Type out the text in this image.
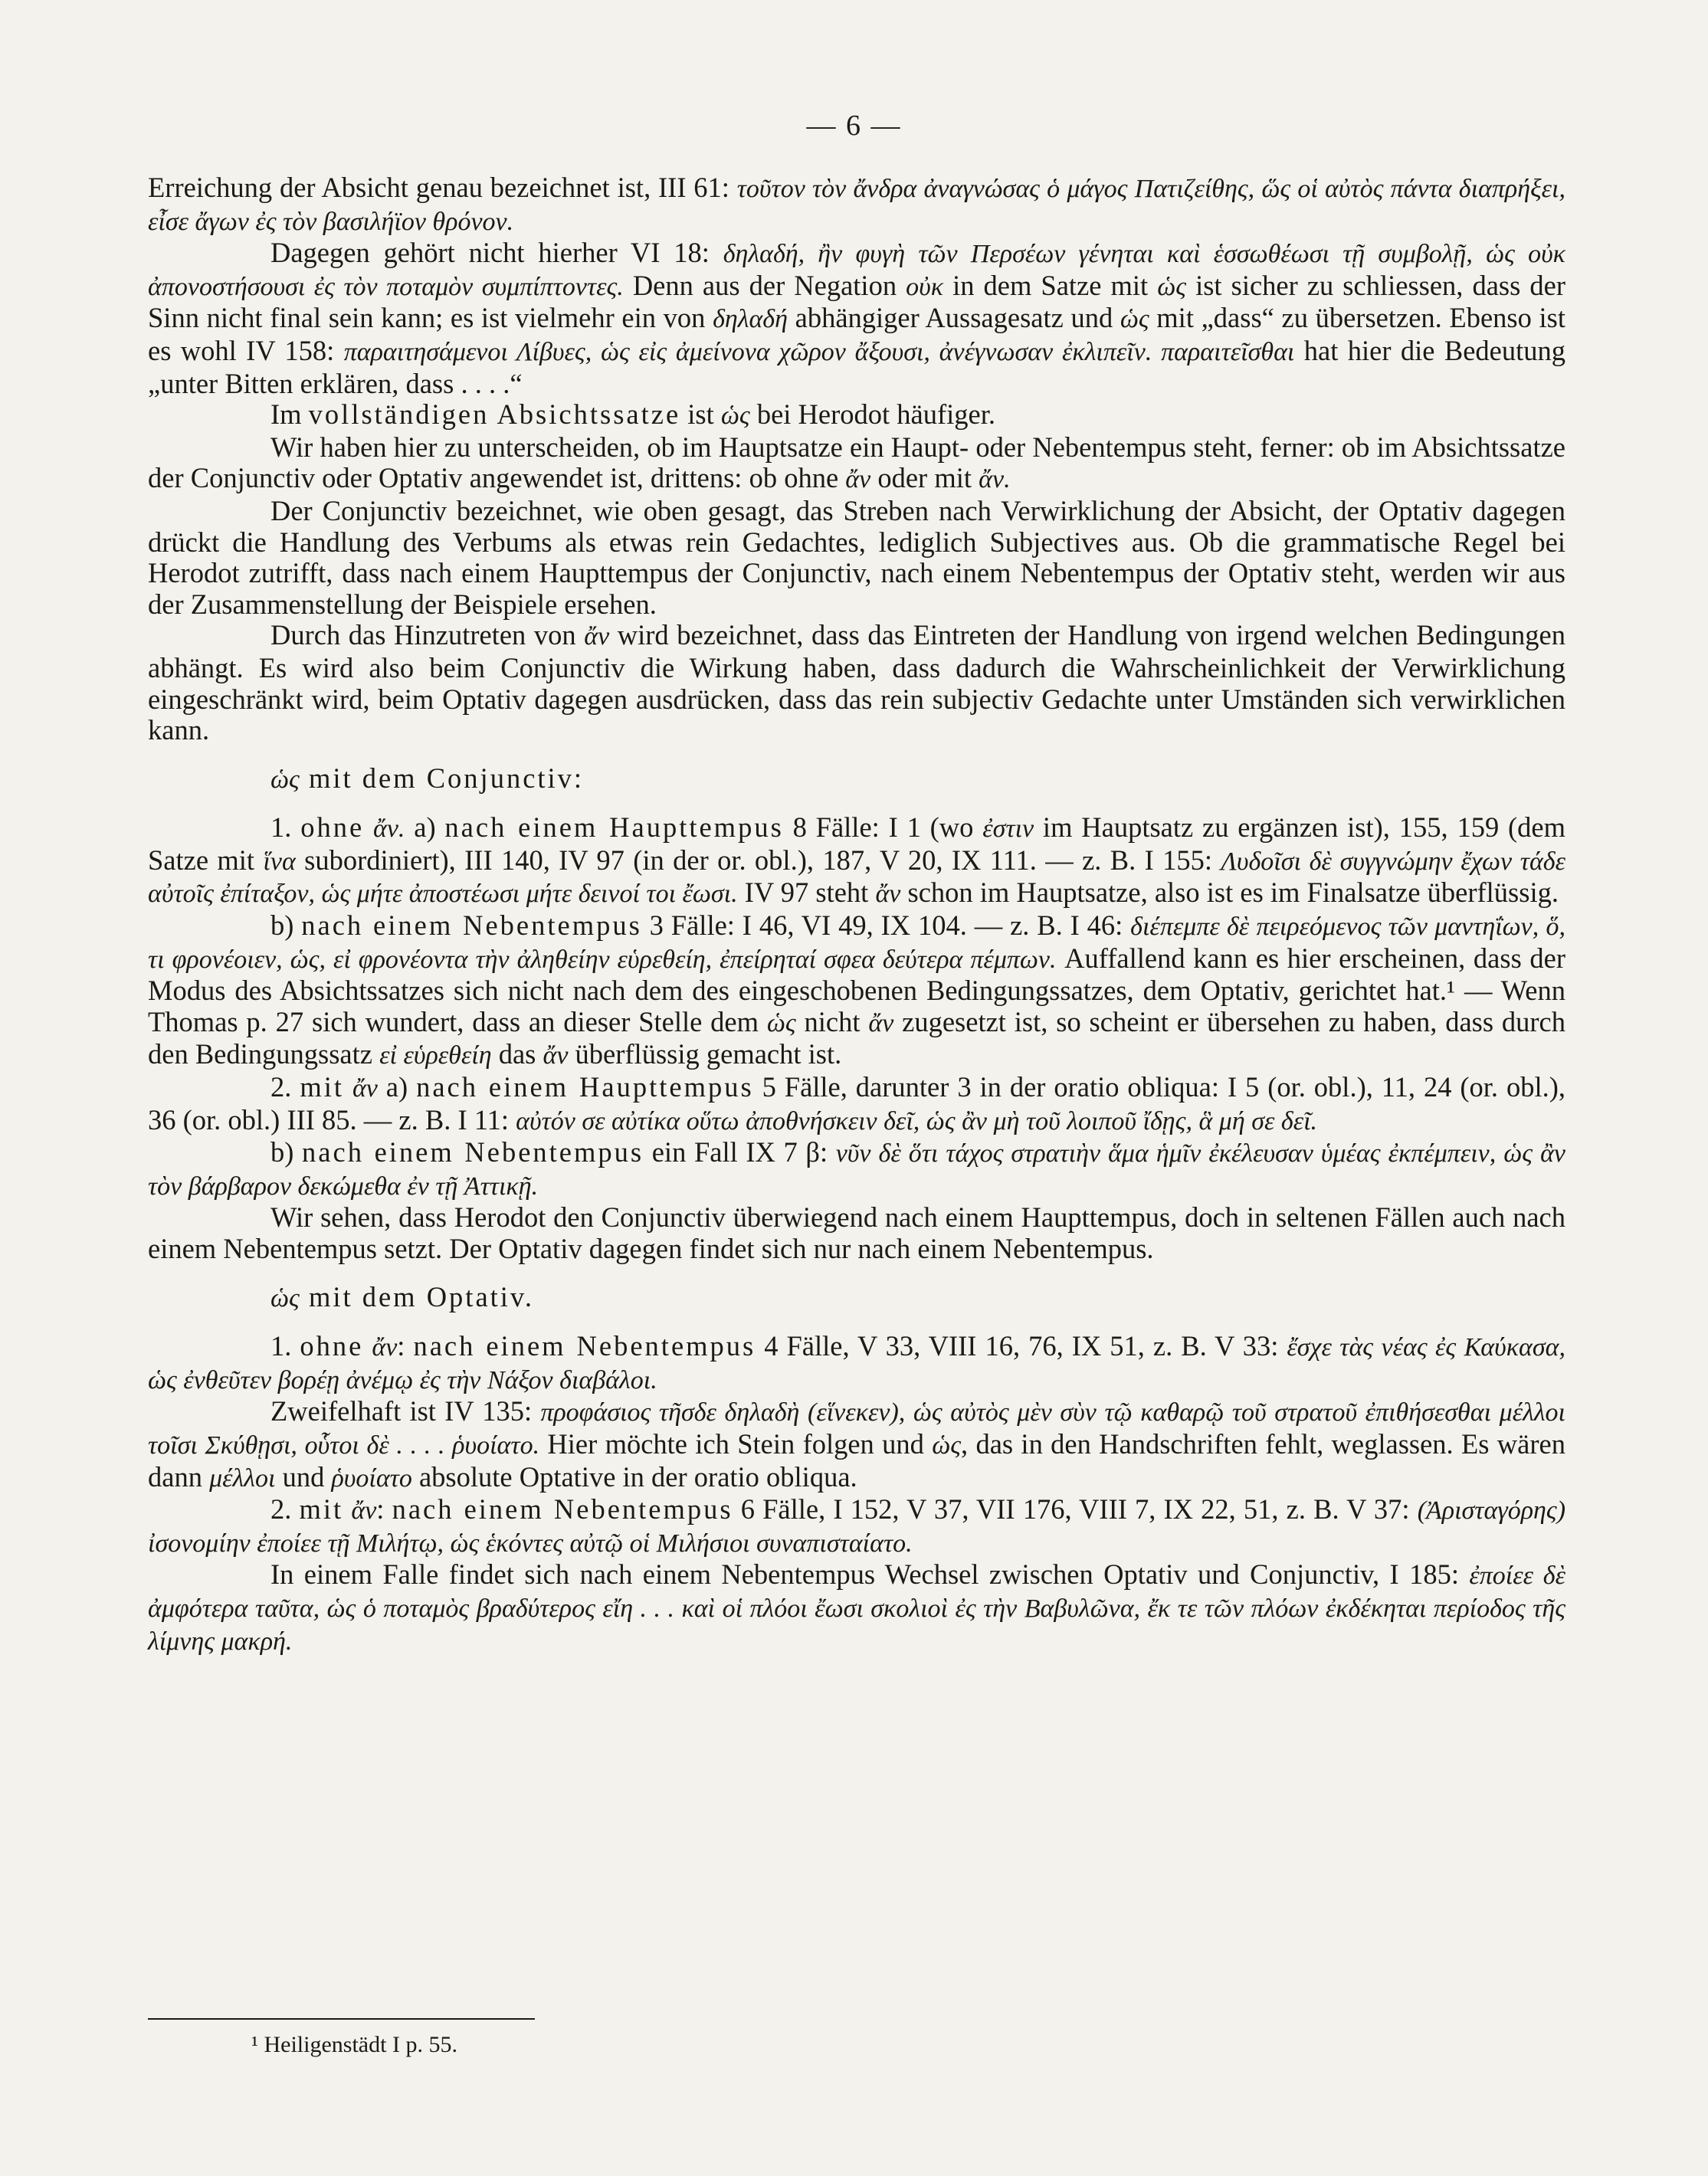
— 6 —

Erreichung der Absicht genau bezeichnet ist, III 61: τοῦτον τὸν ἄνδρα ἀναγνώσας ὁ μάγος Πατιζείθης, ὥς οἱ αὐτὸς πάντα διαπρήξει, εἶσε ἄγων ἐς τὸν βασιλήϊον θρόνον.

Dagegen gehört nicht hierher VI 18: δηλαδή, ἢν φυγὴ τῶν Περσέων γένηται καὶ ἑσσωθέωσι τῇ συμβολῇ, ὡς οὐκ ἀπονοστήσουσι ἐς τὸν ποταμὸν συμπίπτοντες. Denn aus der Negation οὐκ in dem Satze mit ὡς ist sicher zu schliessen, dass der Sinn nicht final sein kann; es ist vielmehr ein von δηλαδή abhängiger Aussagesatz und ὡς mit „dass“ zu übersetzen. Ebenso ist es wohl IV 158: παραιτησάμενοι Λίβυες, ὡς εἰς ἀμείνονα χῶρον ἄξουσι, ἀνέγνωσαν ἐκλιπεῖν. παραιτεῖσθαι hat hier die Bedeutung „unter Bitten erklären, dass . . . .“

Im vollständigen Absichtssatze ist ὡς bei Herodot häufiger.

Wir haben hier zu unterscheiden, ob im Hauptsatze ein Haupt- oder Nebentempus steht, ferner: ob im Absichtssatze der Conjunctiv oder Optativ angewendet ist, drittens: ob ohne ἄν oder mit ἄν.

Der Conjunctiv bezeichnet, wie oben gesagt, das Streben nach Verwirklichung der Absicht, der Optativ dagegen drückt die Handlung des Verbums als etwas rein Gedachtes, lediglich Subjectives aus. Ob die grammatische Regel bei Herodot zutrifft, dass nach einem Haupttempus der Conjunctiv, nach einem Nebentempus der Optativ steht, werden wir aus der Zusammenstellung der Beispiele ersehen.

Durch das Hinzutreten von ἄν wird bezeichnet, dass das Eintreten der Handlung von irgend welchen Bedingungen abhängt. Es wird also beim Conjunctiv die Wirkung haben, dass dadurch die Wahrscheinlichkeit der Verwirklichung eingeschränkt wird, beim Optativ dagegen ausdrücken, dass das rein subjectiv Gedachte unter Umständen sich verwirklichen kann.

ὡς mit dem Conjunctiv:

1. ohne ἄν. a) nach einem Haupttempus 8 Fälle: I 1 (wo ἐστιν im Hauptsatz zu ergänzen ist), 155, 159 (dem Satze mit ἵνα subordiniert), III 140, IV 97 (in der or. obl.), 187, V 20, IX 111. — z. B. I 155: Λυδοῖσι δὲ συγγνώμην ἔχων τάδε αὐτοῖς ἐπίταξον, ὡς μήτε ἀποστέωσι μήτε δεινοί τοι ἔωσι. IV 97 steht ἄν schon im Hauptsatze, also ist es im Finalsatze überflüssig.

b) nach einem Nebentempus 3 Fälle: I 46, VI 49, IX 104. — z. B. I 46: διέπεμπε δὲ πειρεόμενος τῶν μαντηΐων, ὅ, τι φρονέοιεν, ὡς, εἰ φρονέοντα τὴν ἀληθείην εὑρεθείη, ἐπείρηταί σφεα δεύτερα πέμπων. Auffallend kann es hier erscheinen, dass der Modus des Absichtssatzes sich nicht nach dem des eingeschobenen Bedingungssatzes, dem Optativ, gerichtet hat.¹ — Wenn Thomas p. 27 sich wundert, dass an dieser Stelle dem ὡς nicht ἄν zugesetzt ist, so scheint er übersehen zu haben, dass durch den Bedingungssatz εἰ εὑρεθείη das ἄν überflüssig gemacht ist.

2. mit ἄν a) nach einem Haupttempus 5 Fälle, darunter 3 in der oratio obliqua: I 5 (or. obl.), 11, 24 (or. obl.), 36 (or. obl.) III 85. — z. B. I 11: αὐτόν σε αὐτίκα οὕτω ἀποθνήσκειν δεῖ, ὡς ἂν μὴ τοῦ λοιποῦ ἴδῃς, ἃ μή σε δεῖ.

b) nach einem Nebentempus ein Fall IX 7 β: νῦν δὲ ὅτι τάχος στρατιὴν ἅμα ἡμῖν ἐκέλευσαν ὑμέας ἐκπέμπειν, ὡς ἂν τὸν βάρβαρον δεκώμεθα ἐν τῇ Ἀττικῇ.

Wir sehen, dass Herodot den Conjunctiv überwiegend nach einem Haupttempus, doch in seltenen Fällen auch nach einem Nebentempus setzt. Der Optativ dagegen findet sich nur nach einem Nebentempus.

ὡς mit dem Optativ.

1. ohne ἄν: nach einem Nebentempus 4 Fälle, V 33, VIII 16, 76, IX 51, z. B. V 33: ἔσχε τὰς νέας ἐς Καύκασα, ὡς ἐνθεῦτεν βορέῃ ἀνέμῳ ἐς τὴν Νάξον διαβάλοι.

Zweifelhaft ist IV 135: προφάσιος τῆσδε δηλαδὴ (εἵνεκεν), ὡς αὐτὸς μὲν σὺν τῷ καθαρῷ τοῦ στρατοῦ ἐπιθήσεσθαι μέλλοι τοῖσι Σκύθῃσι, οὗτοι δὲ . . . . ῥυοίατο. Hier möchte ich Stein folgen und ὡς, das in den Handschriften fehlt, weglassen. Es wären dann μέλλοι und ῥυοίατο absolute Optative in der oratio obliqua.

2. mit ἄν: nach einem Nebentempus 6 Fälle, I 152, V 37, VII 176, VIII 7, IX 22, 51, z. B. V 37: (Ἀρισταγόρης) ἰσονομίην ἐποίεε τῇ Μιλήτῳ, ὡς ἑκόντες αὐτῷ οἱ Μιλήσιοι συναπισταίατο.

In einem Falle findet sich nach einem Nebentempus Wechsel zwischen Optativ und Conjunctiv, I 185: ἐποίεε δὲ ἀμφότερα ταῦτα, ὡς ὁ ποταμὸς βραδύτερος εἴη . . . καὶ οἱ πλόοι ἔωσι σκολιοὶ ἐς τὴν Βαβυλῶνα, ἔκ τε τῶν πλόων ἐκδέκηται περίοδος τῆς λίμνης μακρή.

¹ Heiligenstädt I p. 55.
